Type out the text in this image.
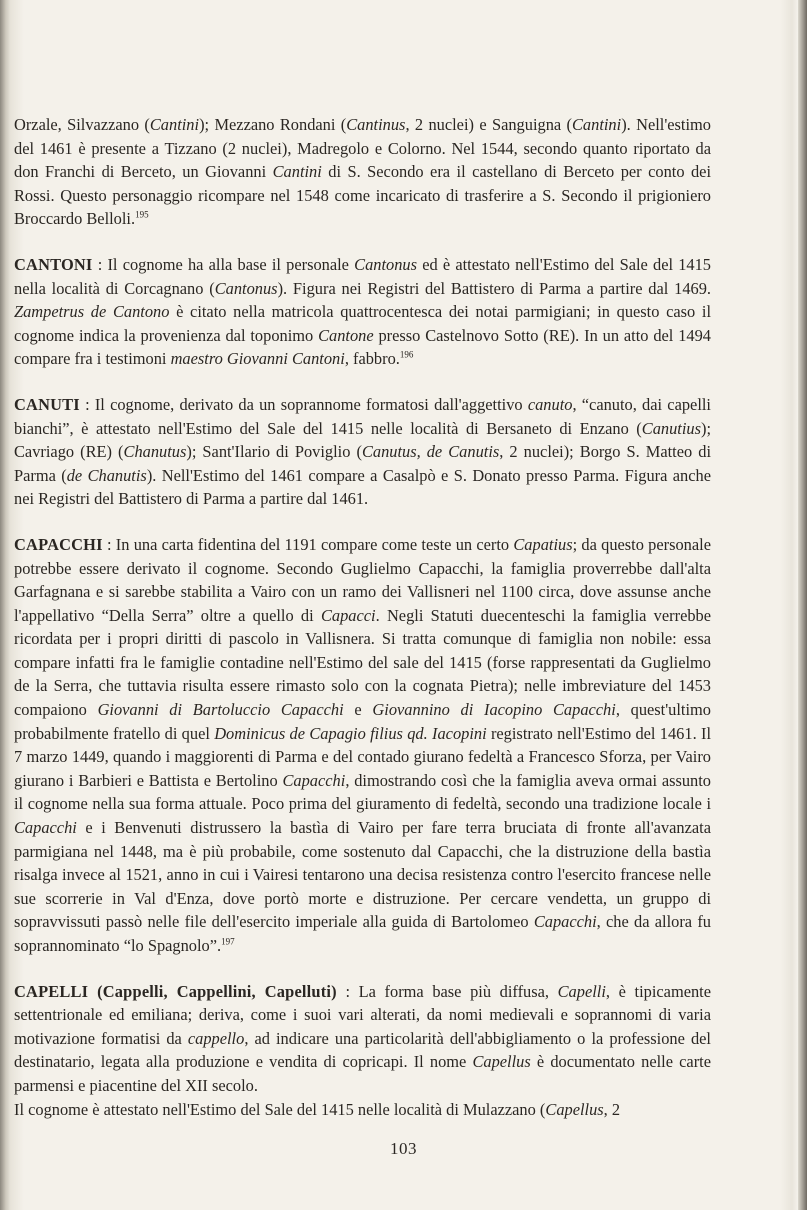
Orzale, Silvazzano (Cantini); Mezzano Rondani (Cantinus, 2 nuclei) e Sanguigna (Cantini). Nell'estimo del 1461 è presente a Tizzano (2 nuclei), Madregolo e Colorno. Nel 1544, secondo quanto riportato da don Franchi di Berceto, un Giovanni Cantini di S. Secondo era il castellano di Berceto per conto dei Rossi. Questo personaggio ricompare nel 1548 come incaricato di trasferire a S. Secondo il prigioniero Broccardo Belloli.$^{195}$

CANTONI : Il cognome ha alla base il personale Cantonus ed è attestato nell'Estimo del Sale del 1415 nella località di Corcagnano (Cantonus). Figura nei Registri del Battistero di Parma a partire dal 1469. Zampetrus de Cantono è citato nella matricola quattrocentesca dei notai parmigiani; in questo caso il cognome indica la provenienza dal toponimo Cantone presso Castelnovo Sotto (RE). In un atto del 1494 compare fra i testimoni maestro Giovanni Cantoni, fabbro.$^{196}$

CANUTI : Il cognome, derivato da un soprannome formatosi dall'aggettivo canuto, “canuto, dai capelli bianchi”, è attestato nell'Estimo del Sale del 1415 nelle località di Bersaneto di Enzano (Canutius); Cavriago (RE) (Chanutus); Sant'Ilario di Poviglio (Canutus, de Canutis, 2 nuclei); Borgo S. Matteo di Parma (de Chanutis). Nell'Estimo del 1461 compare a Casalpò e S. Donato presso Parma. Figura anche nei Registri del Battistero di Parma a partire dal 1461.

CAPACCHI : In una carta fidentina del 1191 compare come teste un certo Capatius; da questo personale potrebbe essere derivato il cognome. Secondo Guglielmo Capacchi, la famiglia proverrebbe dall'alta Garfagnana e si sarebbe stabilita a Vairo con un ramo dei Vallisneri nel 1100 circa, dove assunse anche l'appellativo “Della Serra” oltre a quello di Capacci. Negli Statuti duecenteschi la famiglia verrebbe ricordata per i propri diritti di pascolo in Vallisnera. Si tratta comunque di famiglia non nobile: essa compare infatti fra le famiglie contadine nell'Estimo del sale del 1415 (forse rappresentati da Guglielmo de la Serra, che tuttavia risulta essere rimasto solo con la cognata Pietra); nelle imbreviature del 1453 compaiono Giovanni di Bartoluccio Capacchi e Giovannino di Iacopino Capacchi, quest'ultimo probabilmente fratello di quel Dominicus de Capagio filius qd. Iacopini registrato nell'Estimo del 1461. Il 7 marzo 1449, quando i maggiorenti di Parma e del contado giurano fedeltà a Francesco Sforza, per Vairo giurano i Barbieri e Battista e Bertolino Capacchi, dimostrando così che la famiglia aveva ormai assunto il cognome nella sua forma attuale. Poco prima del giuramento di fedeltà, secondo una tradizione locale i Capacchi e i Benvenuti distrussero la bastìa di Vairo per fare terra bruciata di fronte all'avanzata parmigiana nel 1448, ma è più probabile, come sostenuto dal Capacchi, che la distruzione della bastìa risalga invece al 1521, anno in cui i Vairesi tentarono una decisa resistenza contro l'esercito francese nelle sue scorrerie in Val d'Enza, dove portò morte e distruzione. Per cercare vendetta, un gruppo di sopravvissuti passò nelle file dell'esercito imperiale alla guida di Bartolomeo Capacchi, che da allora fu soprannominato “lo Spagnolo”.$^{197}$

CAPELLI (Cappelli, Cappellini, Capelluti) : La forma base più diffusa, Capelli, è tipicamente settentrionale ed emiliana; deriva, come i suoi vari alterati, da nomi medievali e soprannomi di varia motivazione formatisi da cappello, ad indicare una particolarità dell'abbigliamento o la professione del destinatario, legata alla produzione e vendita di copricapi. Il nome Capellus è documentato nelle carte parmensi e piacentine del XII secolo.

Il cognome è attestato nell'Estimo del Sale del 1415 nelle località di Mulazzano (Capellus, 2

103
